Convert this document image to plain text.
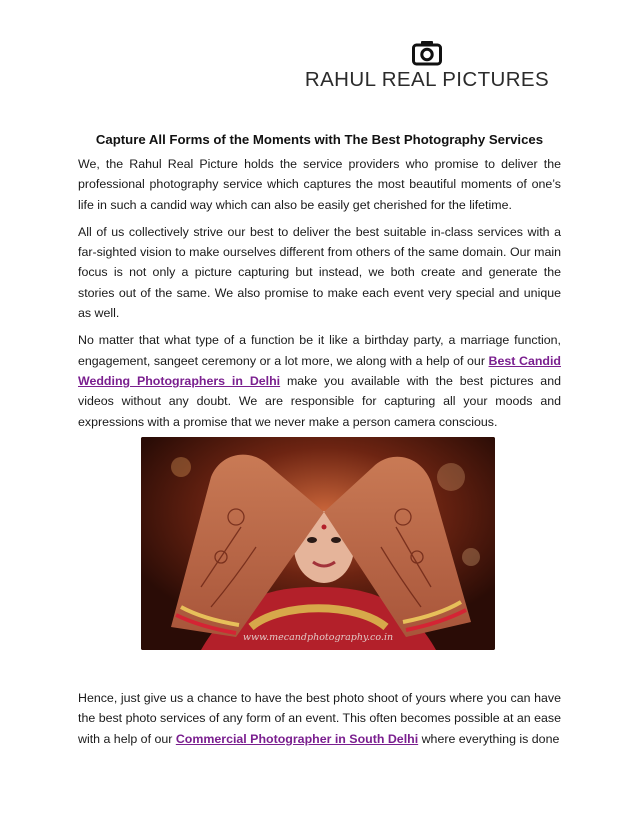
RAHUL REAL PICTURES
Capture All Forms of the Moments with The Best Photography Services

We, the Rahul Real Picture holds the service providers who promise to deliver the professional photography service which captures the most beautiful moments of one’s life in such a candid way which can also be easily get cherished for the lifetime.

All of us collectively strive our best to deliver the best suitable in-class services with a far-sighted vision to make ourselves different from others of the same domain. Our main focus is not only a picture capturing but instead, we both create and generate the stories out of the same. We also promise to make each event very special and unique as well.

No matter that what type of a function be it like a birthday party, a marriage function, engagement, sangeet ceremony or a lot more, we along with a help of our Best Candid Wedding Photographers in Delhi make you available with the best pictures and videos without any doubt. We are responsible for capturing all your moods and expressions with a promise that we never make a person camera conscious.

www.mecandphotography.co.in

Hence, just give us a chance to have the best photo shoot of yours where you can have the best photo services of any form of an event. This often becomes possible at an ease with a help of our Commercial Photographer in South Delhi where everything is done
